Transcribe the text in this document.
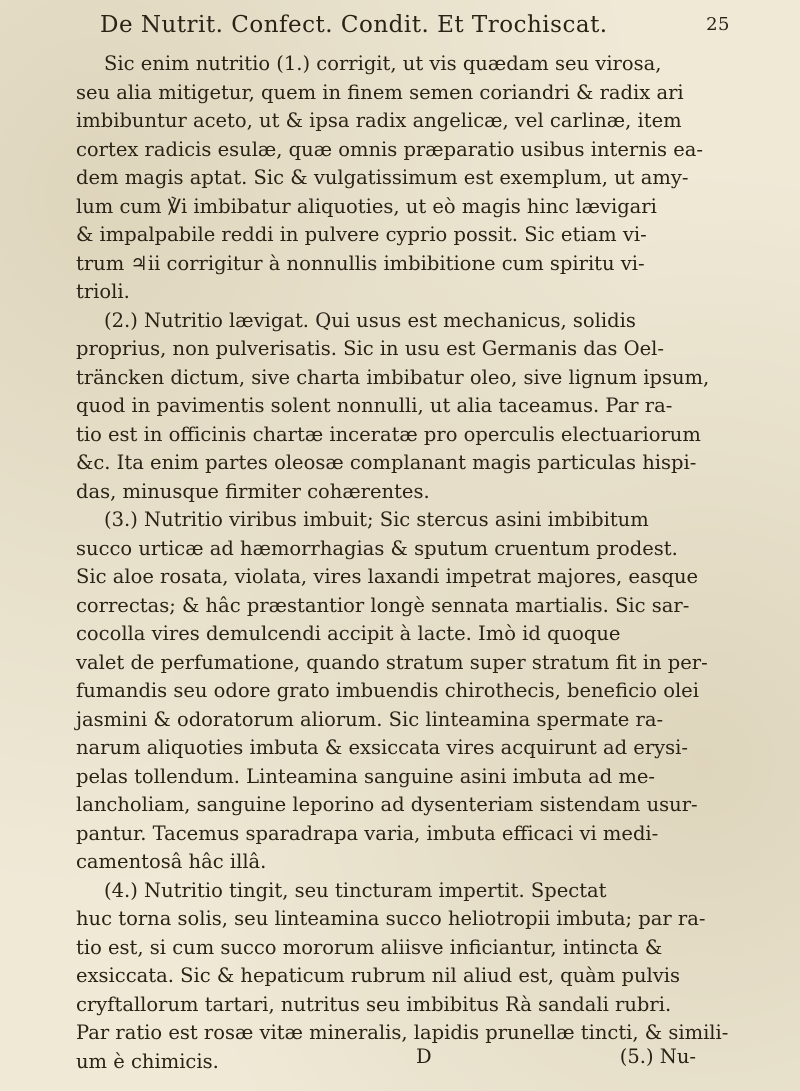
De Nutrit. Confect. Condit. Et Trochiscat.	25
Sic enim nutritio (1.) corrigit, ut vis quædam seu virosa,
seu alia mitigetur, quem in finem semen coriandri & radix ari
imbibuntur aceto, ut & ipsa radix angelicæ, vel carlinæ, item
cortex radicis esulæ, quæ omnis præparatio usibus internis ea-
dem magis aptat. Sic & vulgatissimum est exemplum, ut amy-
lum cum ℣i imbibatur aliquoties, ut eò magis hinc lævigari
& impalpabile reddi in pulvere cyprio possit. Sic etiam vi-
trum ♃ii corrigitur à nonnullis imbibitione cum spiritu vi-
trioli.
(2.) Nutritio lævigat. Qui usus est mechanicus, solidis
proprius, non pulverisatis. Sic in usu est Germanis das Oel-
träncken dictum, sive charta imbibatur oleo, sive lignum ipsum,
quod in pavimentis solent nonnulli, ut alia taceamus. Par ra-
tio est in officinis chartæ inceratæ pro operculis electuariorum
&c. Ita enim partes oleosæ complanant magis particulas hispi-
das, minusque firmiter cohærentes.
(3.) Nutritio viribus imbuit; Sic stercus asini imbibitum
succo urticæ ad hæmorrhagias & sputum cruentum prodest.
Sic aloe rosata, violata, vires laxandi impetrat majores, easque
correctas; & hâc præstantior longè sennata martialis. Sic sar-
cocolla vires demulcendi accipit à lacte. Imò id quoque
valet de perfumatione, quando stratum super stratum fit in per-
fumandis seu odore grato imbuendis chirothecis, beneficio olei
jasmini & odoratorum aliorum. Sic linteamina spermate ra-
narum aliquoties imbuta & exsiccata vires acquirunt ad erysi-
pelas tollendum. Linteamina sanguine asini imbuta ad me-
lancholiam, sanguine leporino ad dysenteriam sistendam usur-
pantur. Tacemus sparadrapa varia, imbuta efficaci vi medi-
camentosâ hâc illâ.
(4.) Nutritio tingit, seu tincturam impertit. Spectat
huc torna solis, seu linteamina succo heliotropii imbuta; par ra-
tio est, si cum succo mororum aliisve inficiantur, intincta &
exsiccata. Sic & hepaticum rubrum nil aliud est, quàm pulvis
cryftallorum tartari, nutritus seu imbibitus Rà sandali rubri.
Par ratio est rosæ vitæ mineralis, lapidis prunellæ tincti, & simili-
um è chimicis.	D	(5.) Nu-
